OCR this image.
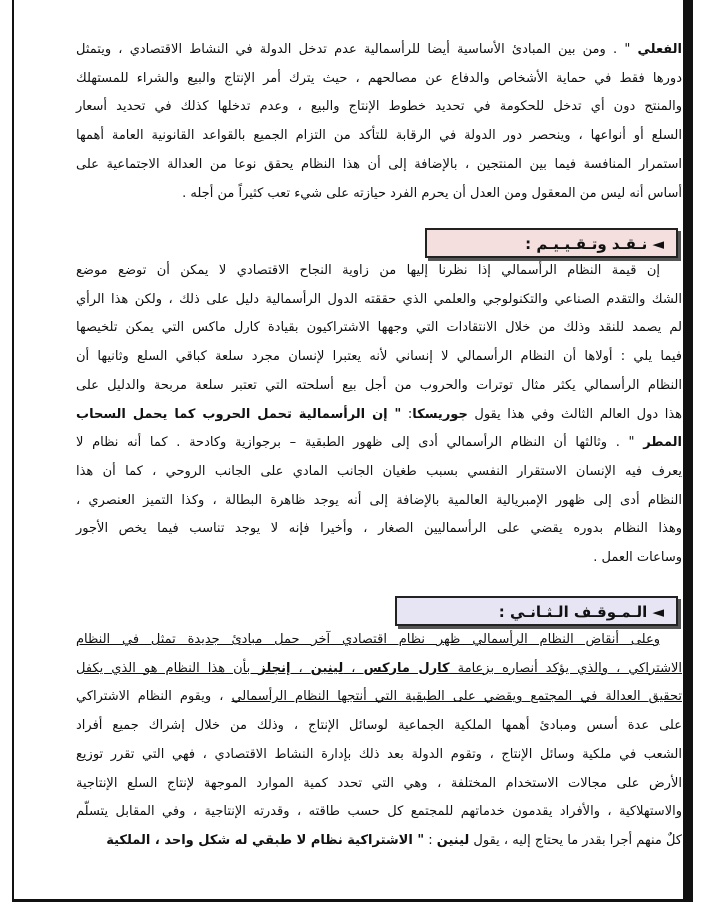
الفعلي " . ومن بين المبادئ الأساسية أيضا للرأسمالية عدم تدخل الدولة في النشاط الاقتصادي ، ويتمثل
دورها فقط في حماية الأشخاص والدفاع عن مصالحهم ، حيث يترك أمر الإنتاج والبيع والشراء للمستهلك
والمنتج دون أي تدخل للحكومة في تحديد خطوط الإنتاج والبيع ، وعدم تدخلها كذلك في تحديد أسعار
السلع أو أنواعها ، وينحصر دور الدولة في الرقابة للتأكد من التزام الجميع بالقواعد القانونية العامة أهمها
استمرار المنافسة فيما بين المنتجين ، بالإضافة إلى أن هذا النظام يحقق نوعا من العدالة الاجتماعية على
أساس أنه ليس من المعقول ومن العدل أن يحرم الفرد حيازته على شيء تعب كثيراً من أجله .
◄ نـقـد وتـقـيـيـم :
إن قيمة النظام الرأسمالي إذا نظرنا إليها من زاوية النجاح الاقتصادي لا يمكن أن توضع موضع
الشك والتقدم الصناعي والتكنولوجي والعلمي الذي حققته الدول الرأسمالية دليل على ذلك ، ولكن هذا الرأي
لم يصمد للنقد وذلك من خلال الانتقادات التي وجهها الاشتراكيون بقيادة كارل ماكس التي يمكن تلخيصها
فيما يلي : أولاها أن النظام الرأسمالي لا إنساني لأنه يعتبرا لإنسان مجرد سلعة كباقي السلع وثانيها أن
النظام الرأسمالي يكثر مثال توترات والحروب من أجل بيع أسلحته التي تعتبر سلعة مربحة والدليل على
هذا دول العالم الثالث وفي هذا يقول جوريسكا: " إن الرأسمالية تحمل الحروب كما يحمل السحاب
المطر " . وثالثها أن النظام الرأسمالي أدى إلى ظهور الطبقية – برجوازية وكادحة . كما أنه نظام لا
يعرف فيه الإنسان الاستقرار النفسي بسبب طغيان الجانب المادي على الجانب الروحي ، كما أن هذا
النظام أدى إلى ظهور الإمبريالية العالمية بالإضافة إلى أنه يوجد ظاهرة البطالة ، وكذا التميز العنصري ،
وهذا النظام بدوره يقضي على الرأسماليين الصغار ، وأخيرا فإنه لا يوجد تناسب فيما يخص الأجور
وساعات العمل .
◄ الـمـوقـف الـثـانـي :
وعلى أنقاض النظام الرأسمالي ظهر نظام اقتصادي آخر حمل مبادئ جديدة تمثل في النظام
الاشتراكي ، والذي يؤكد أنصاره بزعامة كارل ماركس ، لينين ، إنجلز بأن هذا النظام هو الذي يكفل
تحقيق العدالة في المجتمع ويقضي على الطبقية التي أنتجها النظام الرأسمالي ، ويقوم النظام الاشتراكي
على عدة أسس ومبادئ أهمها الملكية الجماعية لوسائل الإنتاج ، وذلك من خلال إشراك جميع أفراد
الشعب في ملكية وسائل الإنتاج ، وتقوم الدولة بعد ذلك بإدارة النشاط الاقتصادي ، فهي التي تقرر توزيع
الأرض على مجالات الاستخدام المختلفة ، وهي التي تحدد كمية الموارد الموجهة لإنتاج السلع الإنتاجية
والاستهلاكية ، والأفراد يقدمون خدماتهم للمجتمع كل حسب طاقته ، وقدرته الإنتاجية ، وفي المقابل يتسلّم
كلٌ منهم أجرا بقدر ما يحتاج إليه ، يقول لينين : " الاشتراكية نظام لا طبقي له شكل واحد ، الملكية
